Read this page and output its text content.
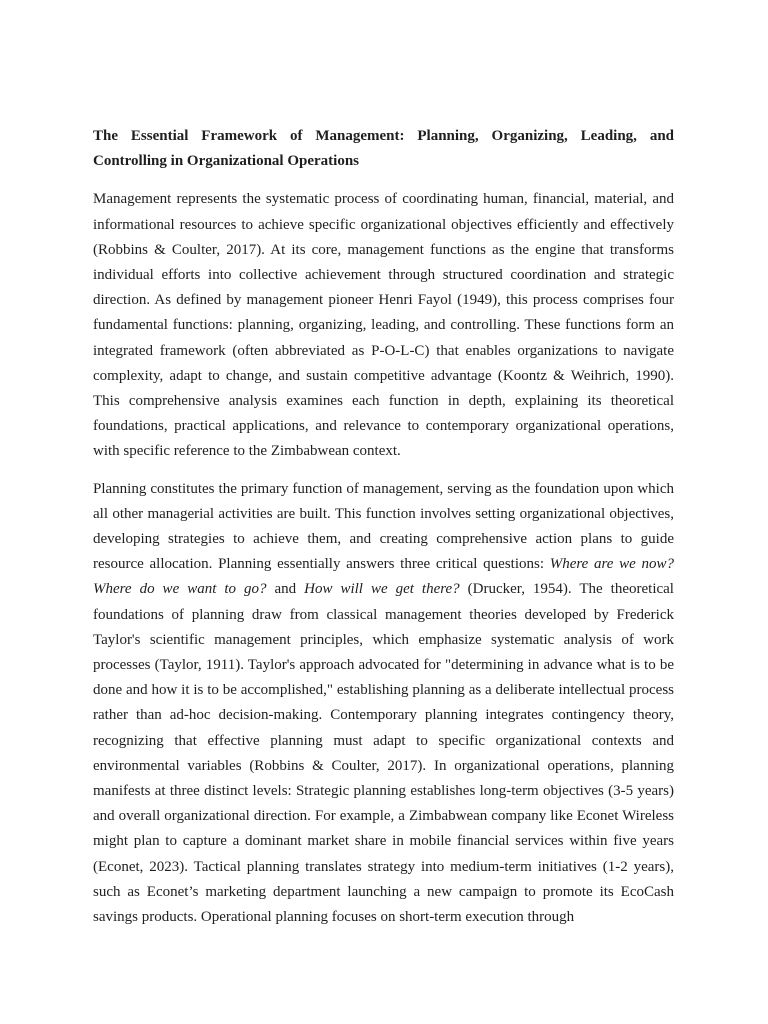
The Essential Framework of Management: Planning, Organizing, Leading, and Controlling in Organizational Operations

Management represents the systematic process of coordinating human, financial, material, and informational resources to achieve specific organizational objectives efficiently and effectively (Robbins & Coulter, 2017). At its core, management functions as the engine that transforms individual efforts into collective achievement through structured coordination and strategic direction. As defined by management pioneer Henri Fayol (1949), this process comprises four fundamental functions: planning, organizing, leading, and controlling. These functions form an integrated framework (often abbreviated as P-O-L-C) that enables organizations to navigate complexity, adapt to change, and sustain competitive advantage (Koontz & Weihrich, 1990). This comprehensive analysis examines each function in depth, explaining its theoretical foundations, practical applications, and relevance to contemporary organizational operations, with specific reference to the Zimbabwean context.

Planning constitutes the primary function of management, serving as the foundation upon which all other managerial activities are built. This function involves setting organizational objectives, developing strategies to achieve them, and creating comprehensive action plans to guide resource allocation. Planning essentially answers three critical questions: Where are we now? Where do we want to go? and How will we get there? (Drucker, 1954). The theoretical foundations of planning draw from classical management theories developed by Frederick Taylor's scientific management principles, which emphasize systematic analysis of work processes (Taylor, 1911). Taylor's approach advocated for "determining in advance what is to be done and how it is to be accomplished," establishing planning as a deliberate intellectual process rather than ad-hoc decision-making. Contemporary planning integrates contingency theory, recognizing that effective planning must adapt to specific organizational contexts and environmental variables (Robbins & Coulter, 2017). In organizational operations, planning manifests at three distinct levels: Strategic planning establishes long-term objectives (3-5 years) and overall organizational direction. For example, a Zimbabwean company like Econet Wireless might plan to capture a dominant market share in mobile financial services within five years (Econet, 2023). Tactical planning translates strategy into medium-term initiatives (1-2 years), such as Econet’s marketing department launching a new campaign to promote its EcoCash savings products. Operational planning focuses on short-term execution through
